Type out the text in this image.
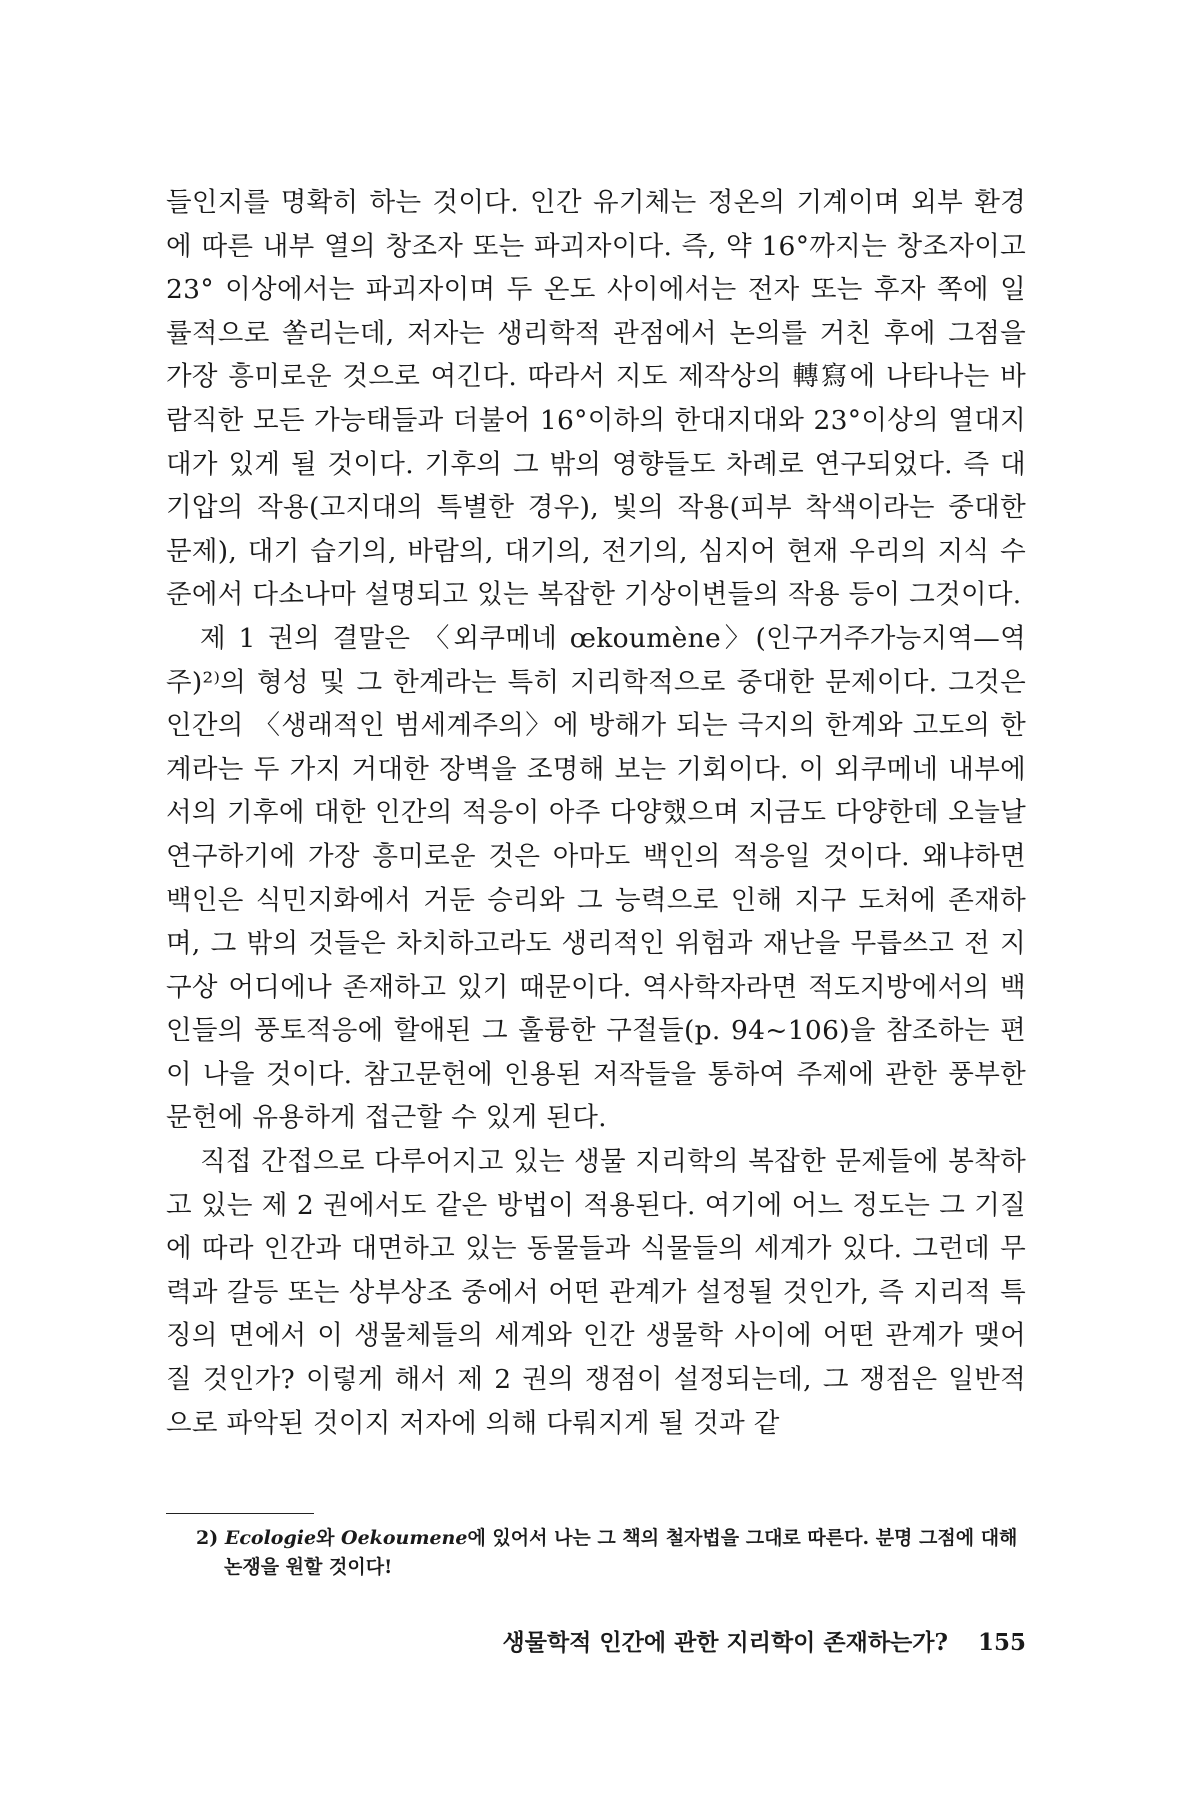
들인지를 명확히 하는 것이다. 인간 유기체는 정온의 기계이며 외부 환경에 따른 내부 열의 창조자 또는 파괴자이다. 즉, 약 16°까지는 창조자이고 23° 이상에서는 파괴자이며 두 온도 사이에서는 전자 또는 후자 쪽에 일률적으로 쏠리는데, 저자는 생리학적 관점에서 논의를 거친 후에 그점을 가장 흥미로운 것으로 여긴다. 따라서 지도 제작상의 轉寫에 나타나는 바람직한 모든 가능태들과 더불어 16°이하의 한대지대와 23°이상의 열대지대가 있게 될 것이다. 기후의 그 밖의 영향들도 차례로 연구되었다. 즉 대기압의 작용(고지대의 특별한 경우), 빛의 작용(피부 착색이라는 중대한 문제), 대기 습기의, 바람의, 대기의, 전기의, 심지어 현재 우리의 지식 수준에서 다소나마 설명되고 있는 복잡한 기상이변들의 작용 등이 그것이다.

제 1 권의 결말은 〈외쿠메네 œkoumène〉(인구거주가능지역—역주)²⁾의 형성 및 그 한계라는 특히 지리학적으로 중대한 문제이다. 그것은 인간의 〈생래적인 범세계주의〉에 방해가 되는 극지의 한계와 고도의 한계라는 두 가지 거대한 장벽을 조명해 보는 기회이다. 이 외쿠메네 내부에서의 기후에 대한 인간의 적응이 아주 다양했으며 지금도 다양한데 오늘날 연구하기에 가장 흥미로운 것은 아마도 백인의 적응일 것이다. 왜냐하면 백인은 식민지화에서 거둔 승리와 그 능력으로 인해 지구 도처에 존재하며, 그 밖의 것들은 차치하고라도 생리적인 위험과 재난을 무릅쓰고 전 지구상 어디에나 존재하고 있기 때문이다. 역사학자라면 적도지방에서의 백인들의 풍토적응에 할애된 그 훌륭한 구절들(p. 94~106)을 참조하는 편이 나을 것이다. 참고문헌에 인용된 저작들을 통하여 주제에 관한 풍부한 문헌에 유용하게 접근할 수 있게 된다.

직접 간접으로 다루어지고 있는 생물 지리학의 복잡한 문제들에 봉착하고 있는 제 2 권에서도 같은 방법이 적용된다. 여기에 어느 정도는 그 기질에 따라 인간과 대면하고 있는 동물들과 식물들의 세계가 있다. 그런데 무력과 갈등 또는 상부상조 중에서 어떤 관계가 설정될 것인가, 즉 지리적 특징의 면에서 이 생물체들의 세계와 인간 생물학 사이에 어떤 관계가 맺어질 것인가? 이렇게 해서 제 2 권의 쟁점이 설정되는데, 그 쟁점은 일반적으로 파악된 것이지 저자에 의해 다뤄지게 될 것과 같

2) Ecologie와 Oekoumene에 있어서 나는 그 책의 철자법을 그대로 따른다. 분명 그점에 대해 논쟁을 원할 것이다!
생물학적 인간에 관한 지리학이 존재하는가? 155
